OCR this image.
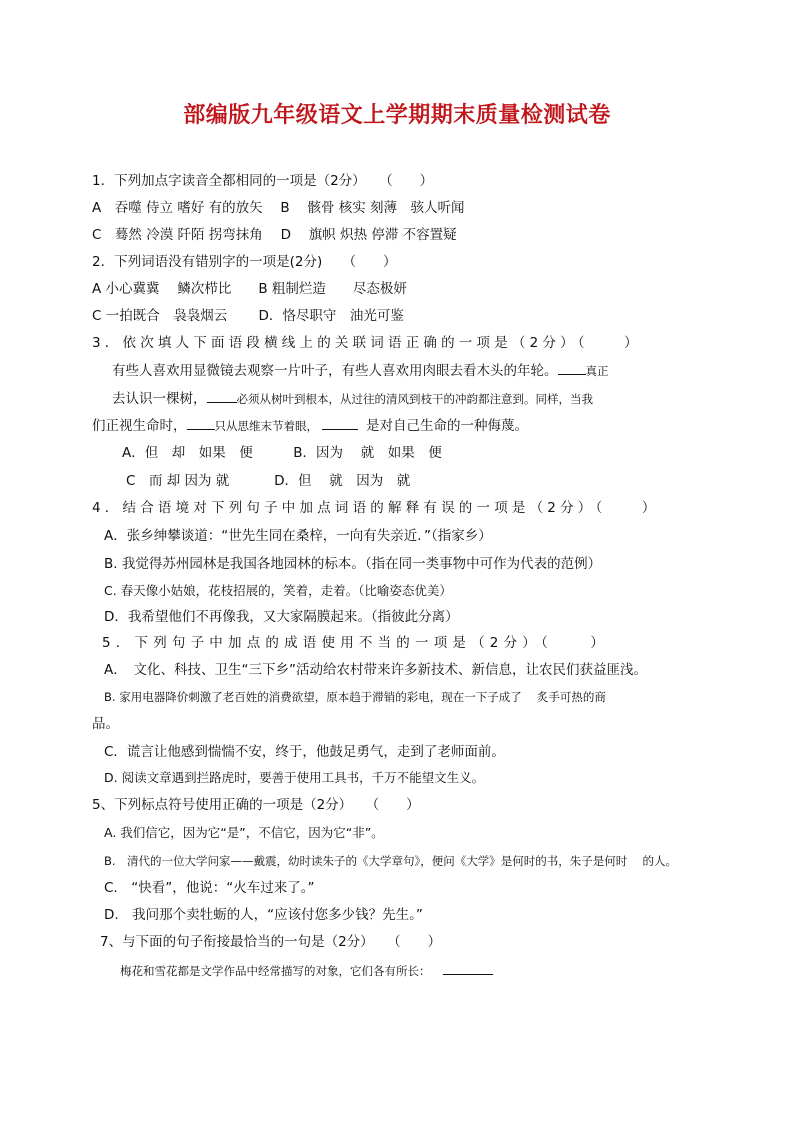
部编版九年级语文上学期期末质量检测试卷
1．下列加点字读音全都相同的一项是（2分）　　（　　）
A　吞噬 侍立 嗜好 有的放矢　 B　 骸骨 核实 刻薄　骇人听闻
C　蓦然 冷漠 阡陌 拐弯抹角　 D　 旗帜 炽热 停滞 不容置疑
2．下列词语没有错别字的一项是(2分)　　（　　）
A 小心冀冀　 鳞次栉比　　B 粗制烂造　　尽态极妍
C 一拍既合　袅袅烟云　　 D．恪尽职守　油光可鉴
3．依次填人下面语段横线上的关联词语正确的一项是（2分）（　　）
有些人喜欢用显微镜去观察一片叶子，有些人喜欢用肉眼去看木头的年轮。 真正
去认识一棵树，	必须从树叶到根本，从过往的清风到枝干的冲韵都注意到。同样，当我
们正视生命时， 只从思维末节着眼，	是对自己生命的一种侮蔑。
A．但　却　如果　便　　　B．因为　 就　如果　便
C　而 却 因为 就　　　 D．但　 就　因为　就
4．结合语境对下列句子中加点词语的解释有误的一项是（2分）（　　）
A．张乡绅攀谈道：“世先生同在桑梓，一向有失亲近．”（指家乡）
B. 我觉得苏州园林是我国各地园林的标本。（指在同一类事物中可作为代表的范例）
C. 春天像小姑娘，花枝招展的，笑着，走着。（比喻姿态优美）
D．我希望他们不再像我，又大家隔膜起来。（指彼此分离）
5．下列句子中加点的成语使用不当的一项是（2分）（　　）
A．　文化、科技、卫生“三下乡”活动给农村带来许多新技术、新信息，让农民们获益匪浅。
B. 家用电器降价刺激了老百姓的消费欲望，原本趋于滞销的彩电，现在一下子成了　 炙手可热的商
品。
C．谎言让他感到惴惴不安，终于，他鼓足勇气，走到了老师面前。
D. 阅读文章遇到拦路虎时，要善于使用工具书，千万不能望文生义。
5、下列标点符号使用正确的一项是（2分）　　（　　）
A. 我们信它，因为它“是”，不信它，因为它“非”。
B.　清代的一位大学问家——戴震，幼时读朱子的《大学章句》，便问《大学》是何时的书，朱子是何时　 的人。
C.　“快看”，他说：“火车过来了。”
D.　我问那个卖牡蛎的人，“应该付您多少钱？先生。”
7、与下面的句子衔接最恰当的一句是（2分）　　（　　）
梅花和雪花都是文学作品中经常描写的对象，它们各有所长：
